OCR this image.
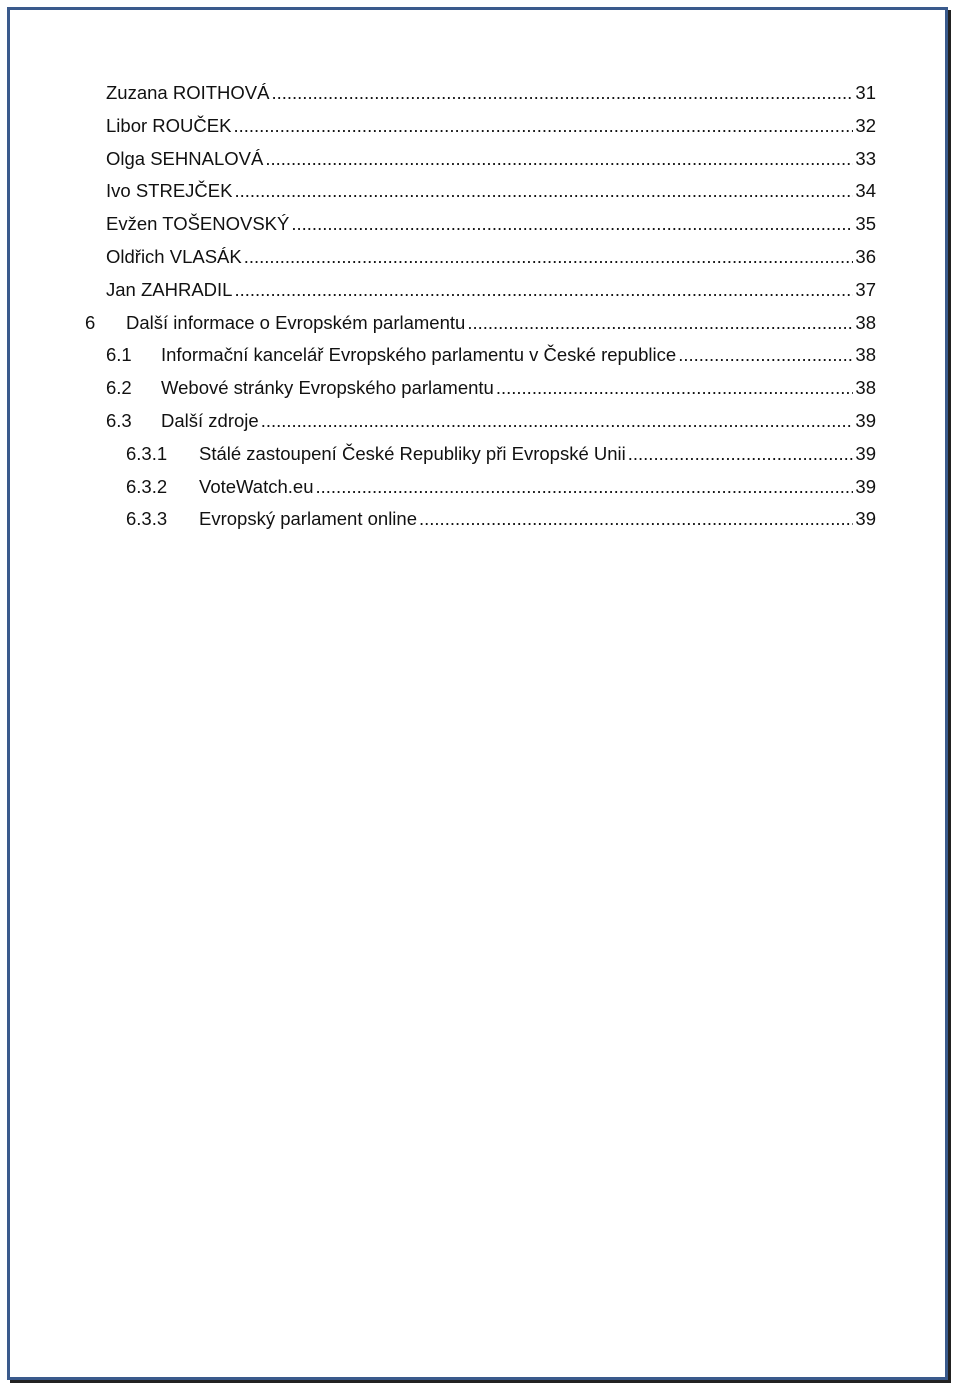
Zuzana ROITHOVÁ .....	31
Libor ROUČEK .....	32
Olga SEHNALOVÁ .....	33
Ivo STREJČEK .....	34
Evžen TOŠENOVSKÝ .....	35
Oldřich VLASÁK .....	36
Jan ZAHRADIL .....	37
6	Další informace o Evropském parlamentu .....	38
6.1	Informační kancelář Evropského parlamentu v České republice .....	38
6.2	Webové stránky Evropského parlamentu .....	38
6.3	Další zdroje .....	39
6.3.1	Stálé zastoupení České Republiky při Evropské Unii .....	39
6.3.2	VoteWatch.eu .....	39
6.3.3	Evropský parlament online .....	39
